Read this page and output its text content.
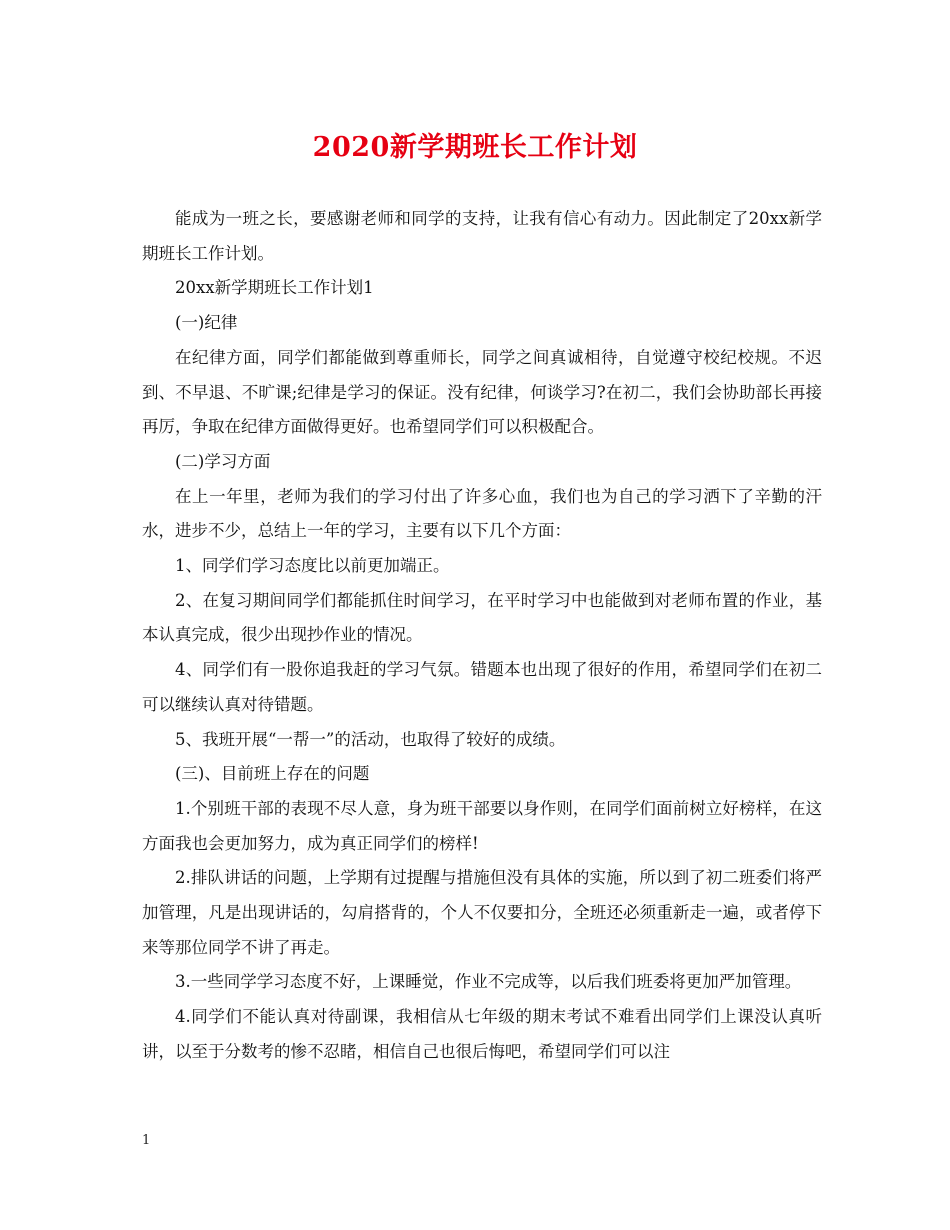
2020新学期班长工作计划

能成为一班之长，要感谢老师和同学的支持，让我有信心有动力。因此制定了20xx新学期班长工作计划。

20xx新学期班长工作计划1

(一)纪律

在纪律方面，同学们都能做到尊重师长，同学之间真诚相待，自觉遵守校纪校规。不迟到、不早退、不旷课;纪律是学习的保证。没有纪律，何谈学习?在初二，我们会协助部长再接再厉，争取在纪律方面做得更好。也希望同学们可以积极配合。

(二)学习方面

在上一年里，老师为我们的学习付出了许多心血，我们也为自己的学习洒下了辛勤的汗水，进步不少，总结上一年的学习，主要有以下几个方面：

1、同学们学习态度比以前更加端正。

2、在复习期间同学们都能抓住时间学习，在平时学习中也能做到对老师布置的作业，基本认真完成，很少出现抄作业的情况。

4、同学们有一股你追我赶的学习气氛。错题本也出现了很好的作用，希望同学们在初二可以继续认真对待错题。

5、我班开展“一帮一”的活动，也取得了较好的成绩。

(三)、目前班上存在的问题

1.个别班干部的表现不尽人意，身为班干部要以身作则，在同学们面前树立好榜样，在这方面我也会更加努力，成为真正同学们的榜样!

2.排队讲话的问题，上学期有过提醒与措施但没有具体的实施，所以到了初二班委们将严加管理，凡是出现讲话的，勾肩搭背的，个人不仅要扣分，全班还必须重新走一遍，或者停下来等那位同学不讲了再走。

3.一些同学学习态度不好，上课睡觉，作业不完成等，以后我们班委将更加严加管理。

4.同学们不能认真对待副课，我相信从七年级的期末考试不难看出同学们上课没认真听讲，以至于分数考的惨不忍睹，相信自己也很后悔吧，希望同学们可以注

1
